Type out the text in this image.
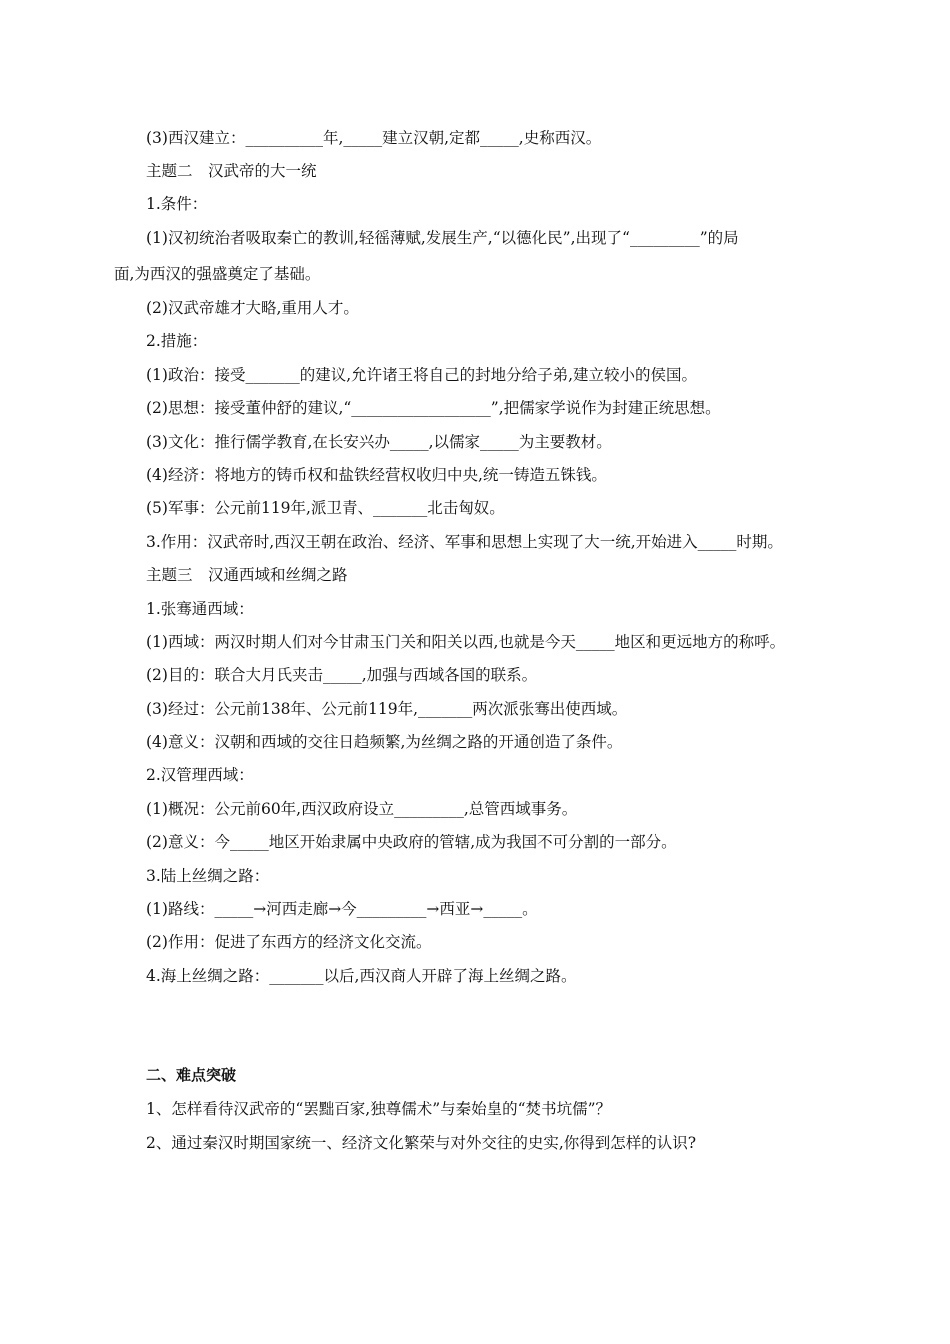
(3)西汉建立：__________年,_____建立汉朝,定都_____,史称西汉。
主题二　汉武帝的大一统
1.条件：
(1)汉初统治者吸取秦亡的教训,轻徭薄赋,发展生产,“以德化民”,出现了“_________”的局
面,为西汉的强盛奠定了基础。
(2)汉武帝雄才大略,重用人才。
2.措施：
(1)政治：接受_______的建议,允许诸王将自己的封地分给子弟,建立较小的侯国。
(2)思想：接受董仲舒的建议,“__________________”,把儒家学说作为封建正统思想。
(3)文化：推行儒学教育,在长安兴办_____,以儒家_____为主要教材。
(4)经济：将地方的铸币权和盐铁经营权收归中央,统一铸造五铢钱。
(5)军事：公元前119年,派卫青、_______北击匈奴。
3.作用：汉武帝时,西汉王朝在政治、经济、军事和思想上实现了大一统,开始进入_____时期。
主题三　汉通西域和丝绸之路
1.张骞通西域：
(1)西域：两汉时期人们对今甘肃玉门关和阳关以西,也就是今天_____地区和更远地方的称呼。
(2)目的：联合大月氏夹击_____,加强与西域各国的联系。
(3)经过：公元前138年、公元前119年,_______两次派张骞出使西域。
(4)意义：汉朝和西域的交往日趋频繁,为丝绸之路的开通创造了条件。
2.汉管理西域：
(1)概况：公元前60年,西汉政府设立_________,总管西域事务。
(2)意义：今_____地区开始隶属中央政府的管辖,成为我国不可分割的一部分。
3.陆上丝绸之路：
(1)路线：_____→河西走廊→今_________→西亚→_____。
(2)作用：促进了东西方的经济文化交流。
4.海上丝绸之路：_______以后,西汉商人开辟了海上丝绸之路。
二、难点突破
1、怎样看待汉武帝的“罢黜百家,独尊儒术”与秦始皇的“焚书坑儒”？
2、通过秦汉时期国家统一、经济文化繁荣与对外交往的史实,你得到怎样的认识?
